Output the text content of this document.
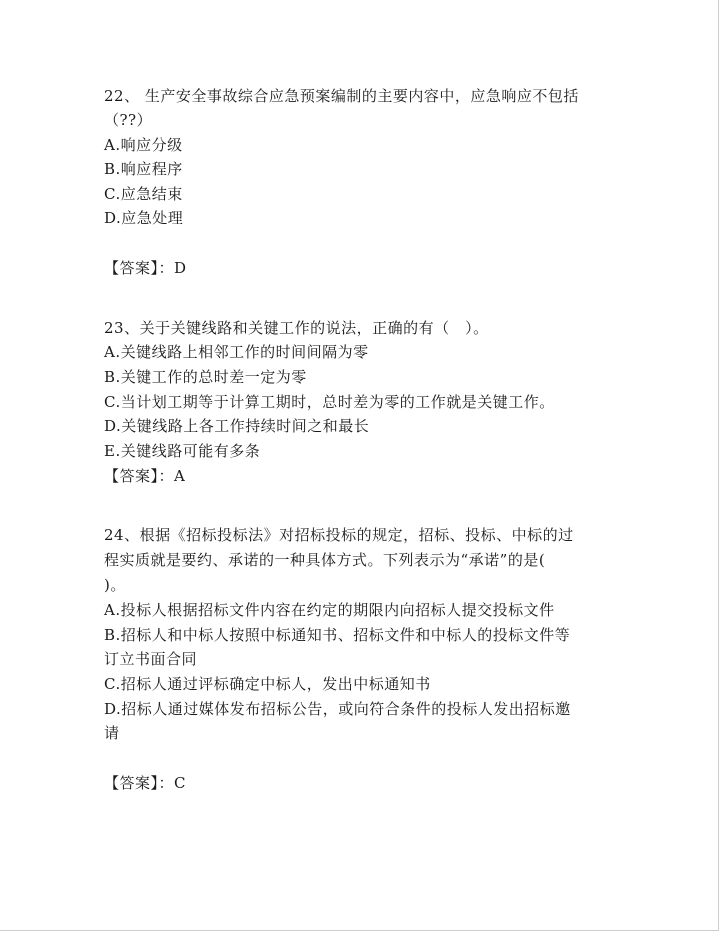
22、 生产安全事故综合应急预案编制的主要内容中，应急响应不包括
（??）
A.响应分级
B.响应程序
C.应急结束
D.应急处理
【答案】：D
23、关于关键线路和关键工作的说法，正确的有（　）。
A.关键线路上相邻工作的时间间隔为零
B.关键工作的总时差一定为零
C.当计划工期等于计算工期时，总时差为零的工作就是关键工作。
D.关键线路上各工作持续时间之和最长
E.关键线路可能有多条
【答案】：A
24、根据《招标投标法》对招标投标的规定，招标、投标、中标的过
程实质就是要约、承诺的一种具体方式。下列表示为“承诺”的是(
)。
A.投标人根据招标文件内容在约定的期限内向招标人提交投标文件
B.招标人和中标人按照中标通知书、招标文件和中标人的投标文件等
订立书面合同
C.招标人通过评标确定中标人，发出中标通知书
D.招标人通过媒体发布招标公告，或向符合条件的投标人发出招标邀
请
【答案】：C
